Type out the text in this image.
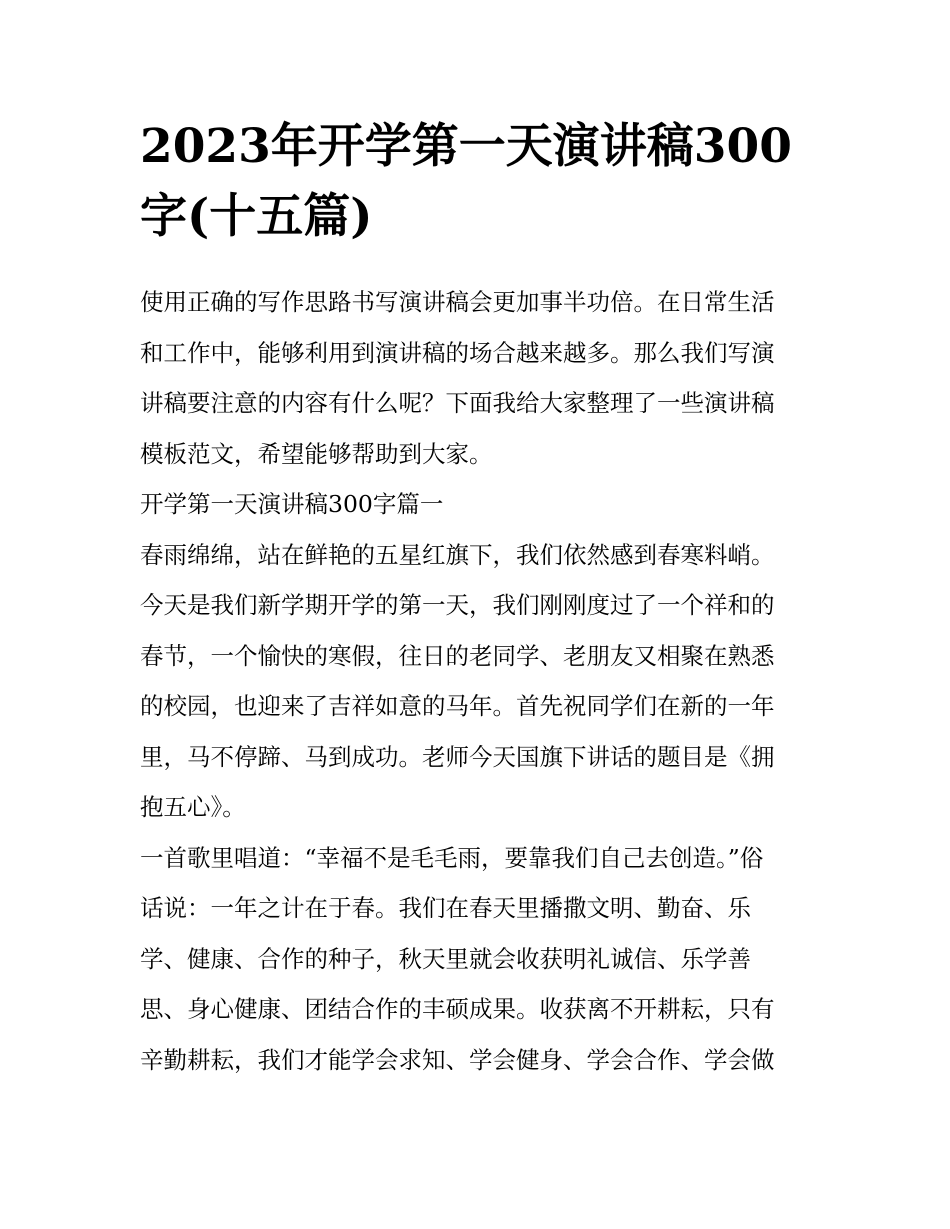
2023年开学第一天演讲稿300
字(十五篇)

使用正确的写作思路书写演讲稿会更加事半功倍。在日常生活
和工作中，能够利用到演讲稿的场合越来越多。那么我们写演
讲稿要注意的内容有什么呢？下面我给大家整理了一些演讲稿
模板范文，希望能够帮助到大家。

开学第一天演讲稿300字篇一

春雨绵绵，站在鲜艳的五星红旗下，我们依然感到春寒料峭。
今天是我们新学期开学的第一天，我们刚刚度过了一个祥和的
春节，一个愉快的寒假，往日的老同学、老朋友又相聚在熟悉
的校园，也迎来了吉祥如意的马年。首先祝同学们在新的一年
里，马不停蹄、马到成功。老师今天国旗下讲话的题目是《拥
抱五心》。

一首歌里唱道：“幸福不是毛毛雨，要靠我们自己去创造。”俗
话说：一年之计在于春。我们在春天里播撒文明、勤奋、乐
学、健康、合作的种子，秋天里就会收获明礼诚信、乐学善
思、身心健康、团结合作的丰硕成果。收获离不开耕耘，只有
辛勤耕耘，我们才能学会求知、学会健身、学会合作、学会做
